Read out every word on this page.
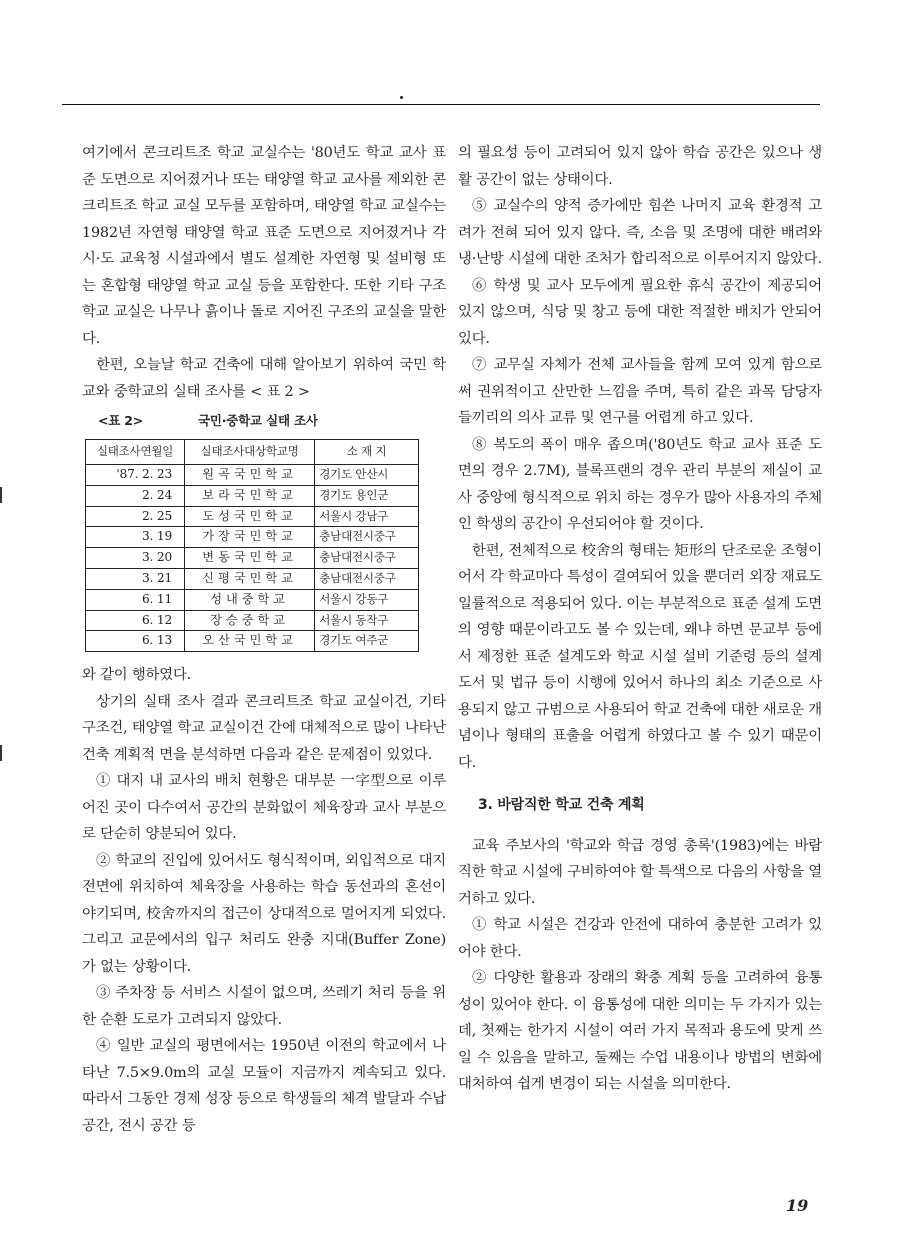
여기에서 콘크리트조 학교 교실수는 '80년도 학교 교사 표준 도면으로 지어졌거나 또는 태양열 학교 교사를 제외한 콘크리트조 학교 교실 모두를 포함하며, 태양열 학교 교실수는 1982년 자연형 태양열 학교 표준 도면으로 지어졌거나 각 시·도 교육청 시설과에서 별도 설계한 자연형 및 설비형 또는 혼합형 태양열 학교 교실 등을 포함한다. 또한 기타 구조 학교 교실은 나무나 흙이나 돌로 지어진 구조의 교실을 말한다.

한편, 오늘날 학교 건축에 대해 알아보기 위하여 국민 학교와 중학교의 실태 조사를 < 표 2 >

<표 2>	국민·중학교 실태 조사
실태조사연월일	실태조사대상학교명	소 재 지
'87. 2. 23	원곡국민학교	경기도 안산시
2. 24	보라국민학교	경기도 용인군
2. 25	도성국민학교	서울시 강남구
3. 19	가장국민학교	충남대전시중구
3. 20	변동국민학교	충남대전시중구
3. 21	신평국민학교	충남대전시중구
6. 11	성내중학교	서울시 강동구
6. 12	장승중학교	서울시 동작구
6. 13	오산국민학교	경기도 여주군

와 같이 행하였다.

상기의 실태 조사 결과 콘크리트조 학교 교실이건, 기타 구조건, 태양열 학교 교실이건 간에 대체적으로 많이 나타난 건축 계획적 면을 분석하면 다음과 같은 문제점이 있었다.

① 대지 내 교사의 배치 현황은 대부분 一字型으로 이루어진 곳이 다수여서 공간의 분화없이 체육장과 교사 부분으로 단순히 양분되어 있다.

② 학교의 진입에 있어서도 형식적이며, 외입적으로 대지 전면에 위치하여 체육장을 사용하는 학습 동선과의 혼선이 야기되며, 校舍까지의 접근이 상대적으로 멀어지게 되었다. 그리고 교문에서의 입구 처리도 완충 지대(Buffer Zone)가 없는 상황이다.

③ 주차장 등 서비스 시설이 없으며, 쓰레기 처리 등을 위한 순환 도로가 고려되지 않았다.

④ 일반 교실의 평면에서는 1950년 이전의 학교에서 나타난 7.5×9.0m의 교실 모듈이 지금까지 계속되고 있다. 따라서 그동안 경제 성장 등으로 학생들의 체격 발달과 수납 공간, 전시 공간 등

의 필요성 등이 고려되어 있지 않아 학습 공간은 있으나 생활 공간이 없는 상태이다.

⑤ 교실수의 양적 증가에만 힘쓴 나머지 교육 환경적 고려가 전혀 되어 있지 않다. 즉, 소음 및 조명에 대한 배려와 냉·난방 시설에 대한 조처가 합리적으로 이루어지지 않았다.

⑥ 학생 및 교사 모두에게 필요한 휴식 공간이 제공되어 있지 않으며, 식당 및 창고 등에 대한 적절한 배치가 안되어 있다.

⑦ 교무실 자체가 전체 교사들을 함께 모여 있게 함으로써 권위적이고 산만한 느낌을 주며, 특히 같은 과목 담당자들끼리의 의사 교류 및 연구를 어렵게 하고 있다.

⑧ 복도의 폭이 매우 좁으며('80년도 학교 교사 표준 도면의 경우 2.7M), 블록프랜의 경우 관리 부분의 제실이 교사 중앙에 형식적으로 위치 하는 경우가 많아 사용자의 주체인 학생의 공간이 우선되어야 할 것이다.

한편, 전체적으로 校舍의 형태는 矩形의 단조로운 조형이어서 각 학교마다 특성이 결여되어 있을 뿐더러 외장 재료도 일률적으로 적용되어 있다. 이는 부분적으로 표준 설계 도면의 영향 때문이라고도 볼 수 있는데, 왜냐 하면 문교부 등에서 제정한 표준 설계도와 학교 시설 설비 기준령 등의 설계도서 및 법규 등이 시행에 있어서 하나의 최소 기준으로 사용되지 않고 규범으로 사용되어 학교 건축에 대한 새로운 개념이나 형태의 표출을 어렵게 하였다고 볼 수 있기 때문이다.

3. 바람직한 학교 건축 계획

교육 주보사의 '학교와 학급 경영 총록'(1983)에는 바람직한 학교 시설에 구비하여야 할 특색으로 다음의 사항을 열거하고 있다.

① 학교 시설은 건강과 안전에 대하여 충분한 고려가 있어야 한다.

② 다양한 활용과 장래의 확충 계획 등을 고려하여 융통성이 있어야 한다. 이 융통성에 대한 의미는 두 가지가 있는데, 첫째는 한가지 시설이 여러 가지 목적과 용도에 맞게 쓰일 수 있음을 말하고, 둘째는 수업 내용이나 방법의 변화에 대처하여 쉽게 변경이 되는 시설을 의미한다.

19
